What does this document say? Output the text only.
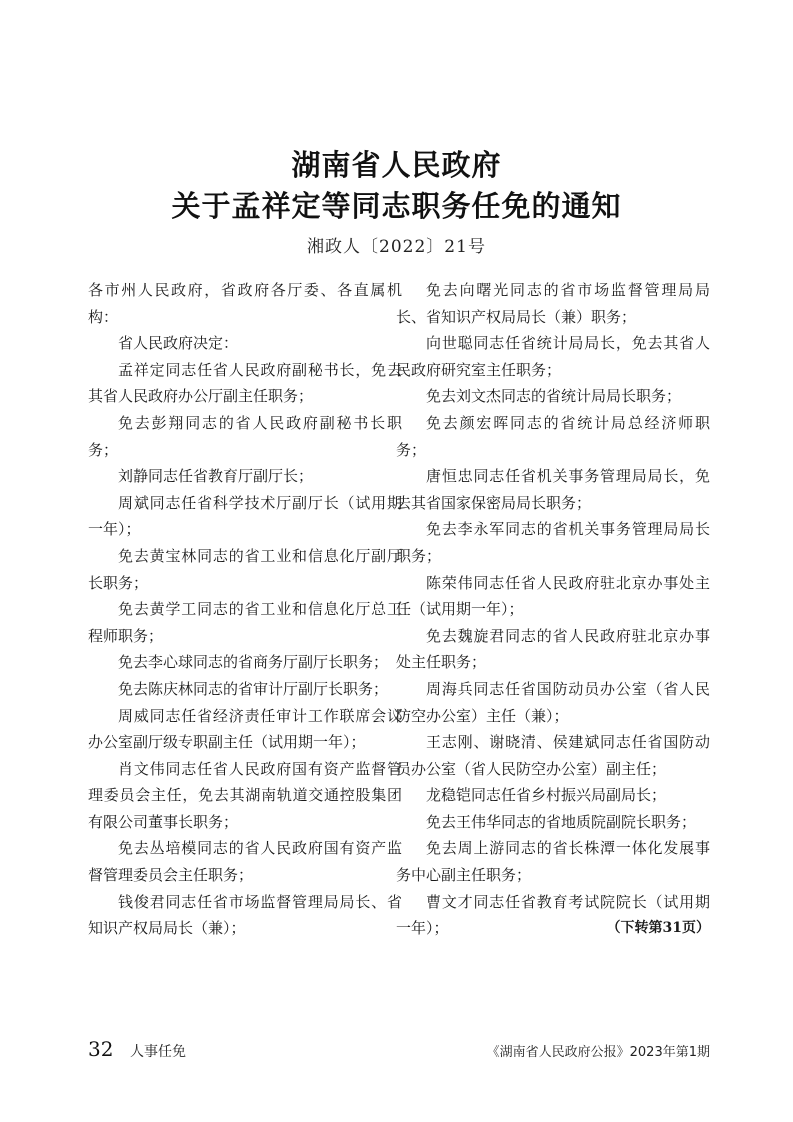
湖南省人民政府
关于孟祥定等同志职务任免的通知
湘政人〔2022〕21号

各市州人民政府，省政府各厅委、各直属机构：

省人民政府决定：

孟祥定同志任省人民政府副秘书长，免去其省人民政府办公厅副主任职务；

免去彭翔同志的省人民政府副秘书长职务；

刘静同志任省教育厅副厅长；

周斌同志任省科学技术厅副厅长（试用期一年）；

免去黄宝林同志的省工业和信息化厅副厅长职务；

免去黄学工同志的省工业和信息化厅总工程师职务；

免去李心球同志的省商务厅副厅长职务；

免去陈庆林同志的省审计厅副厅长职务；

周威同志任省经济责任审计工作联席会议办公室副厅级专职副主任（试用期一年）；

肖文伟同志任省人民政府国有资产监督管理委员会主任，免去其湖南轨道交通控股集团有限公司董事长职务；

免去丛培模同志的省人民政府国有资产监督管理委员会主任职务；

钱俊君同志任省市场监督管理局局长、省知识产权局局长（兼）；

免去向曙光同志的省市场监督管理局局长、省知识产权局局长（兼）职务；

向世聪同志任省统计局局长，免去其省人民政府研究室主任职务；

免去刘文杰同志的省统计局局长职务；

免去颜宏晖同志的省统计局总经济师职务；

唐恒忠同志任省机关事务管理局局长，免去其省国家保密局局长职务；

免去李永军同志的省机关事务管理局局长职务；

陈荣伟同志任省人民政府驻北京办事处主任（试用期一年）；

免去魏旋君同志的省人民政府驻北京办事处主任职务；

周海兵同志任省国防动员办公室（省人民防空办公室）主任（兼）；

王志刚、谢晓清、侯建斌同志任省国防动员办公室（省人民防空办公室）副主任；

龙稳铠同志任省乡村振兴局副局长；

免去王伟华同志的省地质院副院长职务；

免去周上游同志的省长株潭一体化发展事务中心副主任职务；

曹文才同志任省教育考试院院长（试用期一年）；	（下转第31页）

32 人事任免	《湖南省人民政府公报》2023年第1期
